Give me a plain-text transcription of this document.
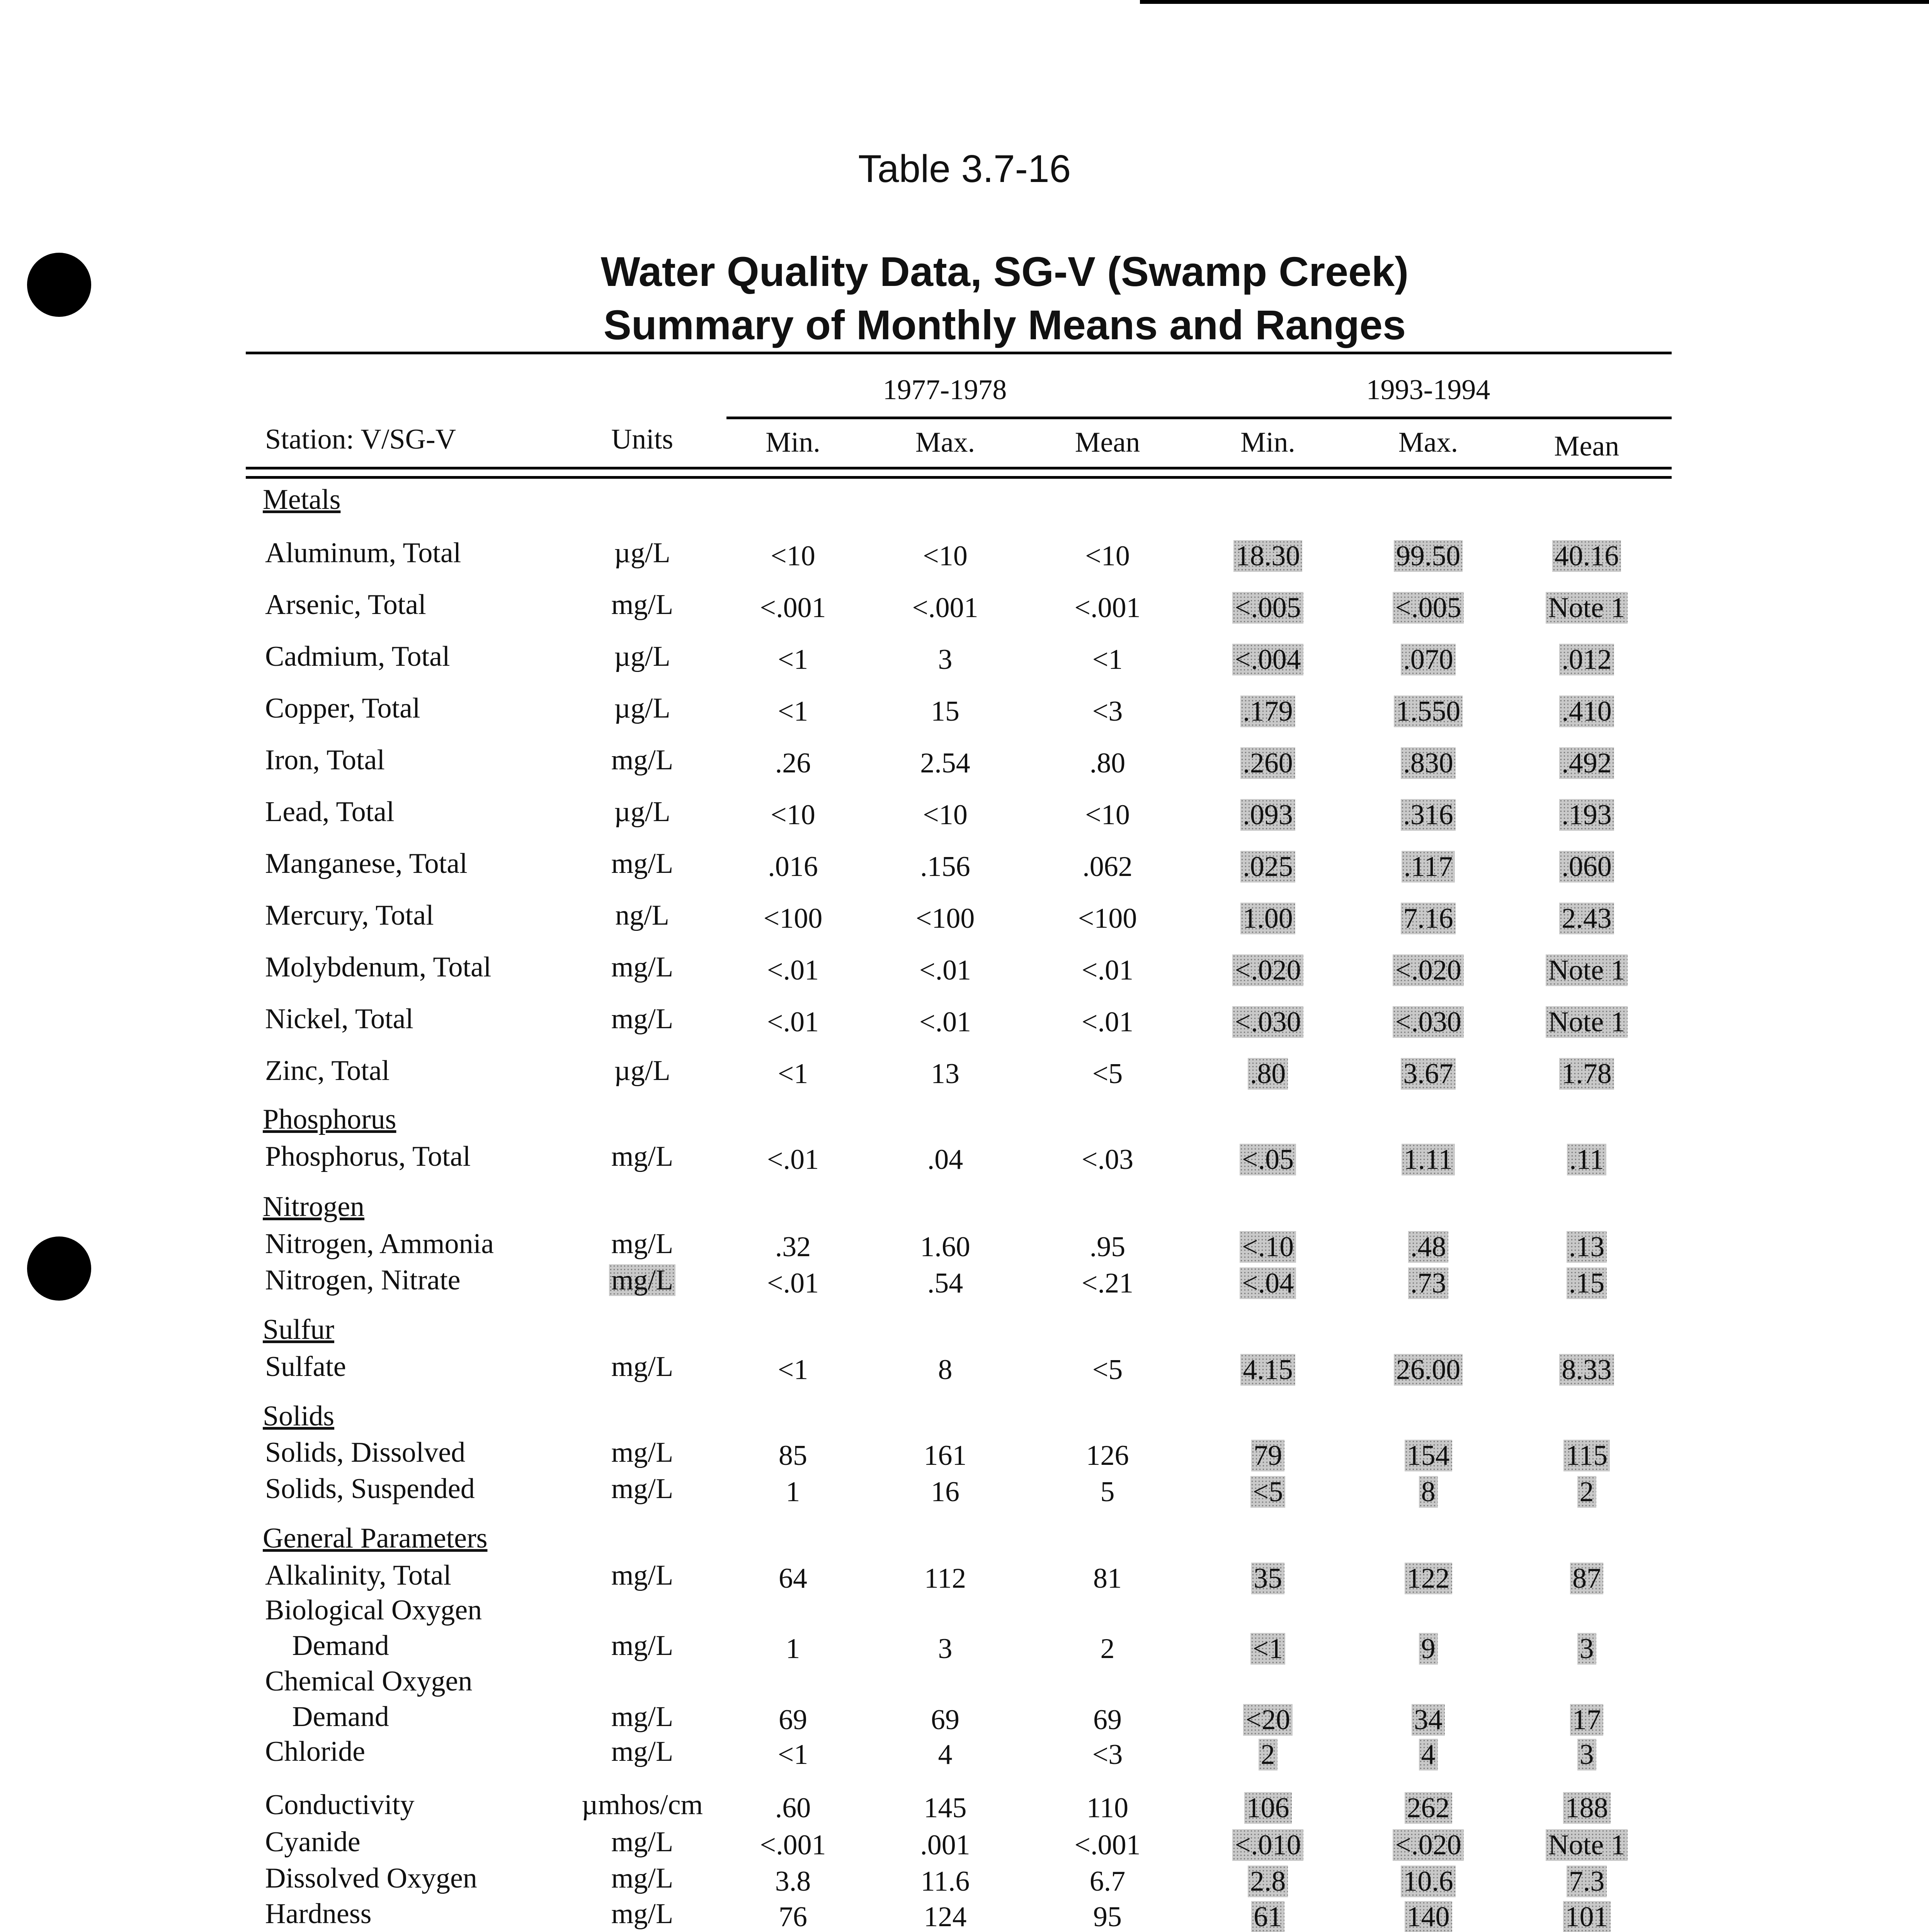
Table 3.7-16
Water Quality Data, SG-V (Swamp Creek)
Summary of Monthly Means and Ranges
1977-1978	1993-1994
Station: V/SG-V	Units	Min.	Max.	Mean	Min.	Max.	Mean
Metals
Aluminum, Total	µg/L	<10	<10	<10	18.30	99.50	40.16
Arsenic, Total	mg/L	<.001	<.001	<.001	<.005	<.005	Note 1
Cadmium, Total	µg/L	<1	3	<1	<.004	.070	.012
Copper, Total	µg/L	<1	15	<3	.179	1.550	.410
Iron, Total	mg/L	.26	2.54	.80	.260	.830	.492
Lead, Total	µg/L	<10	<10	<10	.093	.316	.193
Manganese, Total	mg/L	.016	.156	.062	.025	.117	.060
Mercury, Total	ng/L	<100	<100	<100	1.00	7.16	2.43
Molybdenum, Total	mg/L	<.01	<.01	<.01	<.020	<.020	Note 1
Nickel, Total	mg/L	<.01	<.01	<.01	<.030	<.030	Note 1
Zinc, Total	µg/L	<1	13	<5	.80	3.67	1.78
Phosphorus
Phosphorus, Total	mg/L	<.01	.04	<.03	<.05	1.11	.11
Nitrogen
Nitrogen, Ammonia	mg/L	.32	1.60	.95	<.10	.48	.13
Nitrogen, Nitrate	mg/L	<.01	.54	<.21	<.04	.73	.15
Sulfur
Sulfate	mg/L	<1	8	<5	4.15	26.00	8.33
Solids
Solids, Dissolved	mg/L	85	161	126	79	154	115
Solids, Suspended	mg/L	1	16	5	<5	8	2
General Parameters
Alkalinity, Total	mg/L	64	112	81	35	122	87
Biological Oxygen
Demand	mg/L	1	3	2	<1	9	3
Chemical Oxygen
Demand	mg/L	69	69	69	<20	34	17
Chloride	mg/L	<1	4	<3	2	4	3
Conductivity	µmhos/cm	.60	145	110	106	262	188
Cyanide	mg/L	<.001	.001	<.001	<.010	<.020	Note 1
Dissolved Oxygen	mg/L	3.8	11.6	6.7	2.8	10.6	7.3
Hardness	mg/L	76	124	95	61	140	101
